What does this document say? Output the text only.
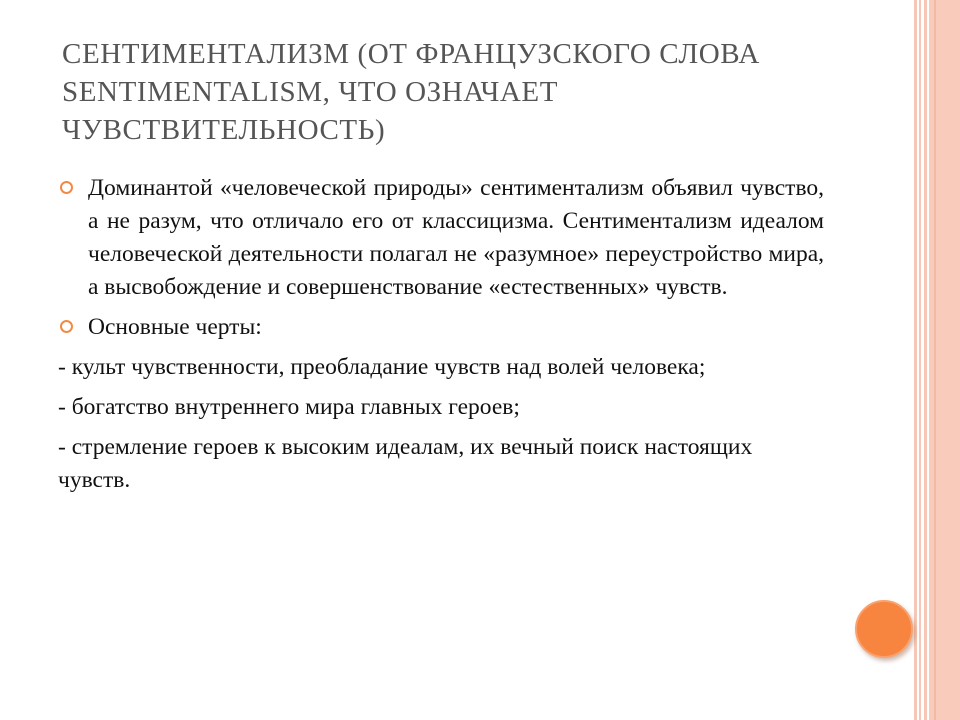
СЕНТИМЕНТАЛИЗМ (ОТ ФРАНЦУЗСКОГО СЛОВА SENTIMENTALISM, ЧТО ОЗНАЧАЕТ ЧУВСТВИТЕЛЬНОСТЬ)

Доминантой «человеческой природы» сентиментализм объявил чувство, а не разум, что отличало его от классицизма. Сентиментализм идеалом человеческой деятельности полагал не «разумное» переустройство мира, а высвобождение и совершенствование «естественных» чувств.

Основные черты:

- культ чувственности, преобладание чувств над волей человека;

- богатство внутреннего мира главных героев;

- стремление героев к высоким идеалам, их вечный поиск настоящих чувств.
